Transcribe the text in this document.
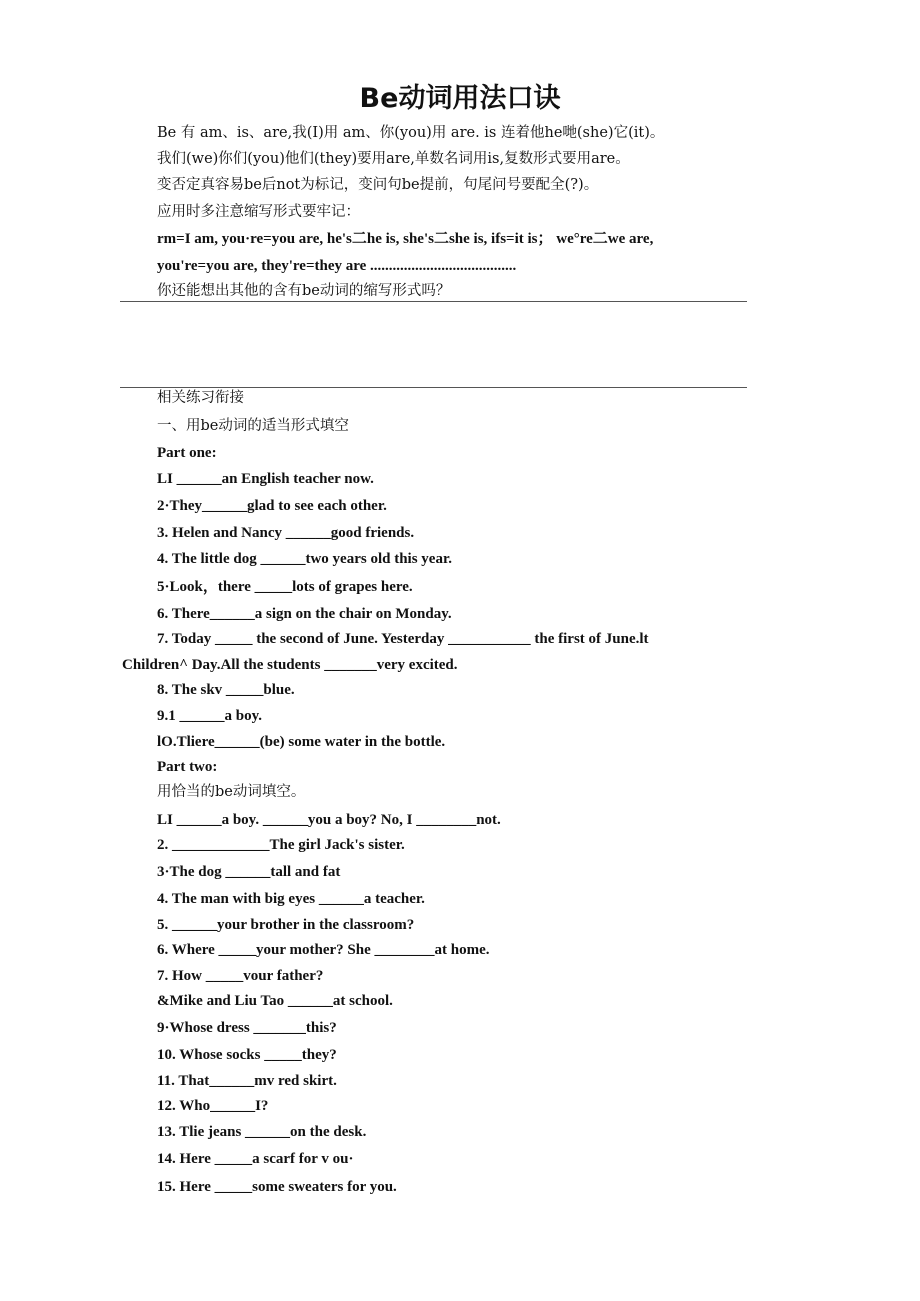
Be动词用法口诀
Be 有 am、is、are,我(I)用 am、你(you)用 are. is 连着他he哋(she)它(it)。
我们(we)你们(you)他们(they)要用are,单数名词用is,复数形式要用are。
变否定真容易be后not为标记，变问句be提前，句尾问号要配全(?)。
应用时多注意缩写形式要牢记：
rm=I am, you·re=you are, he's二he is, she's二she is, ifs=it is； we°re二we are,
you're=you are, they're=they are .......................................
你还能想出其他的含有be动词的缩写形式吗？
相关练习衔接
一、用be动词的适当形式填空
Part one:
LI ______an English teacher now.
2·They______glad to see each other.
3. Helen and Nancy ______good friends.
4. The little dog ______two years old this year.
5·Look，there _____lots of grapes here.
6. There______a sign on the chair on Monday.
7. Today _____ the second of June. Yesterday ___________ the first of June.lt
Children^ Day.All the students _______very excited.
8. The skv _____blue.
9.1 ______a boy.
lO.Tliere______(be) some water in the bottle.
Part two:
用恰当的be动词填空。
LI ______a boy. ______you a boy? No, I ________not.
2. _____________The girl Jack's sister.
3·The dog ______tall and fat
4. The man with big eyes ______a teacher.
5. ______your brother in the classroom?
6. Where _____your mother? She ________at home.
7. How _____vour father?
&Mike and Liu Tao ______at school.
9·Whose dress _______this?
10. Whose socks _____they?
11. That______mv red skirt.
12. Who______I?
13. Tlie jeans ______on the desk.
14. Here _____a scarf for v ou·
15. Here _____some sweaters for you.
